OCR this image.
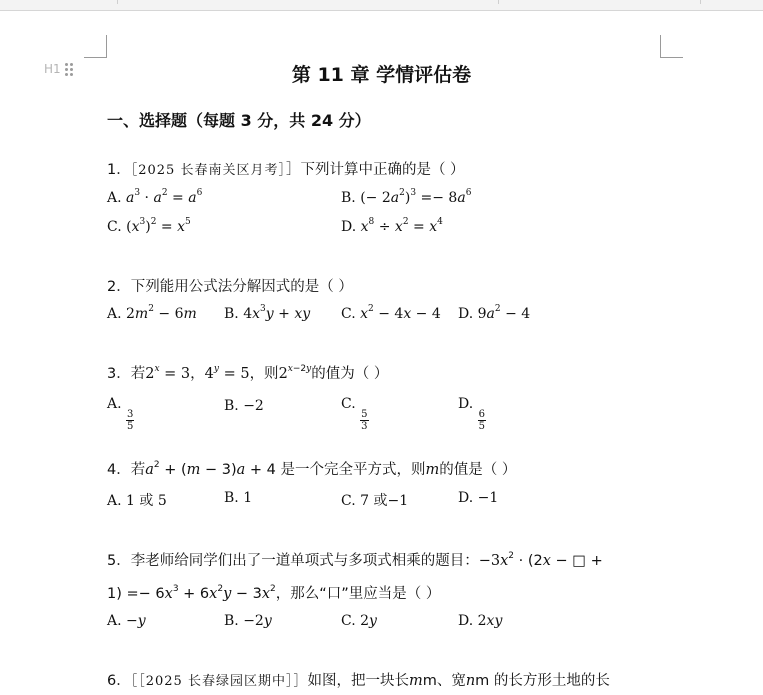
H1	第 11 章 学情评估卷
一、选择题（每题 3 分，共 24 分）
1．［2025 长春南关区月考］］下列计算中正确的是（ ）
A. $a^3 \cdot a^2 = a^6$	B. (− $2a^2)^3 =- 8a^6$
C. $(x^3)^2 = x^5$	D. $x^8 \div x^2 = x^4$
2．下列能用公式法分解因式的是（ ）
A. $2m^2 - 6m$ B. $4x^3y$ + xy C. $x^2 - 4x - 4$ D. $9a^2 - 4$
3．若$2^x = 3$，$4^y = 5$，则$2^{x-2y}$的值为（ ）
A.
$\frac{3}{5}$
B. −2	C.
$\frac{5}{3}$
D.
$\frac{6}{5}$
4．若$a^2 + (m - 3)a + 4$ 是一个完全平方式，则m的值是（ ）
A. 1 或 5	B. 1	C. 7 或−1	D. −1
5．李老师给同学们出了一道单项式与多项式相乘的题目：$-3x^2 \cdot (2x$ − □ +
$1) =- 6x^3 + 6x^2y - 3x^2$，那么“口”里应当是（ ）
A. −y	B. −2y	C. 2y	D. 2xy
6．［［2025 长春绿园区期中］］如图，把一块长mm、宽nm 的长方形土地的长
